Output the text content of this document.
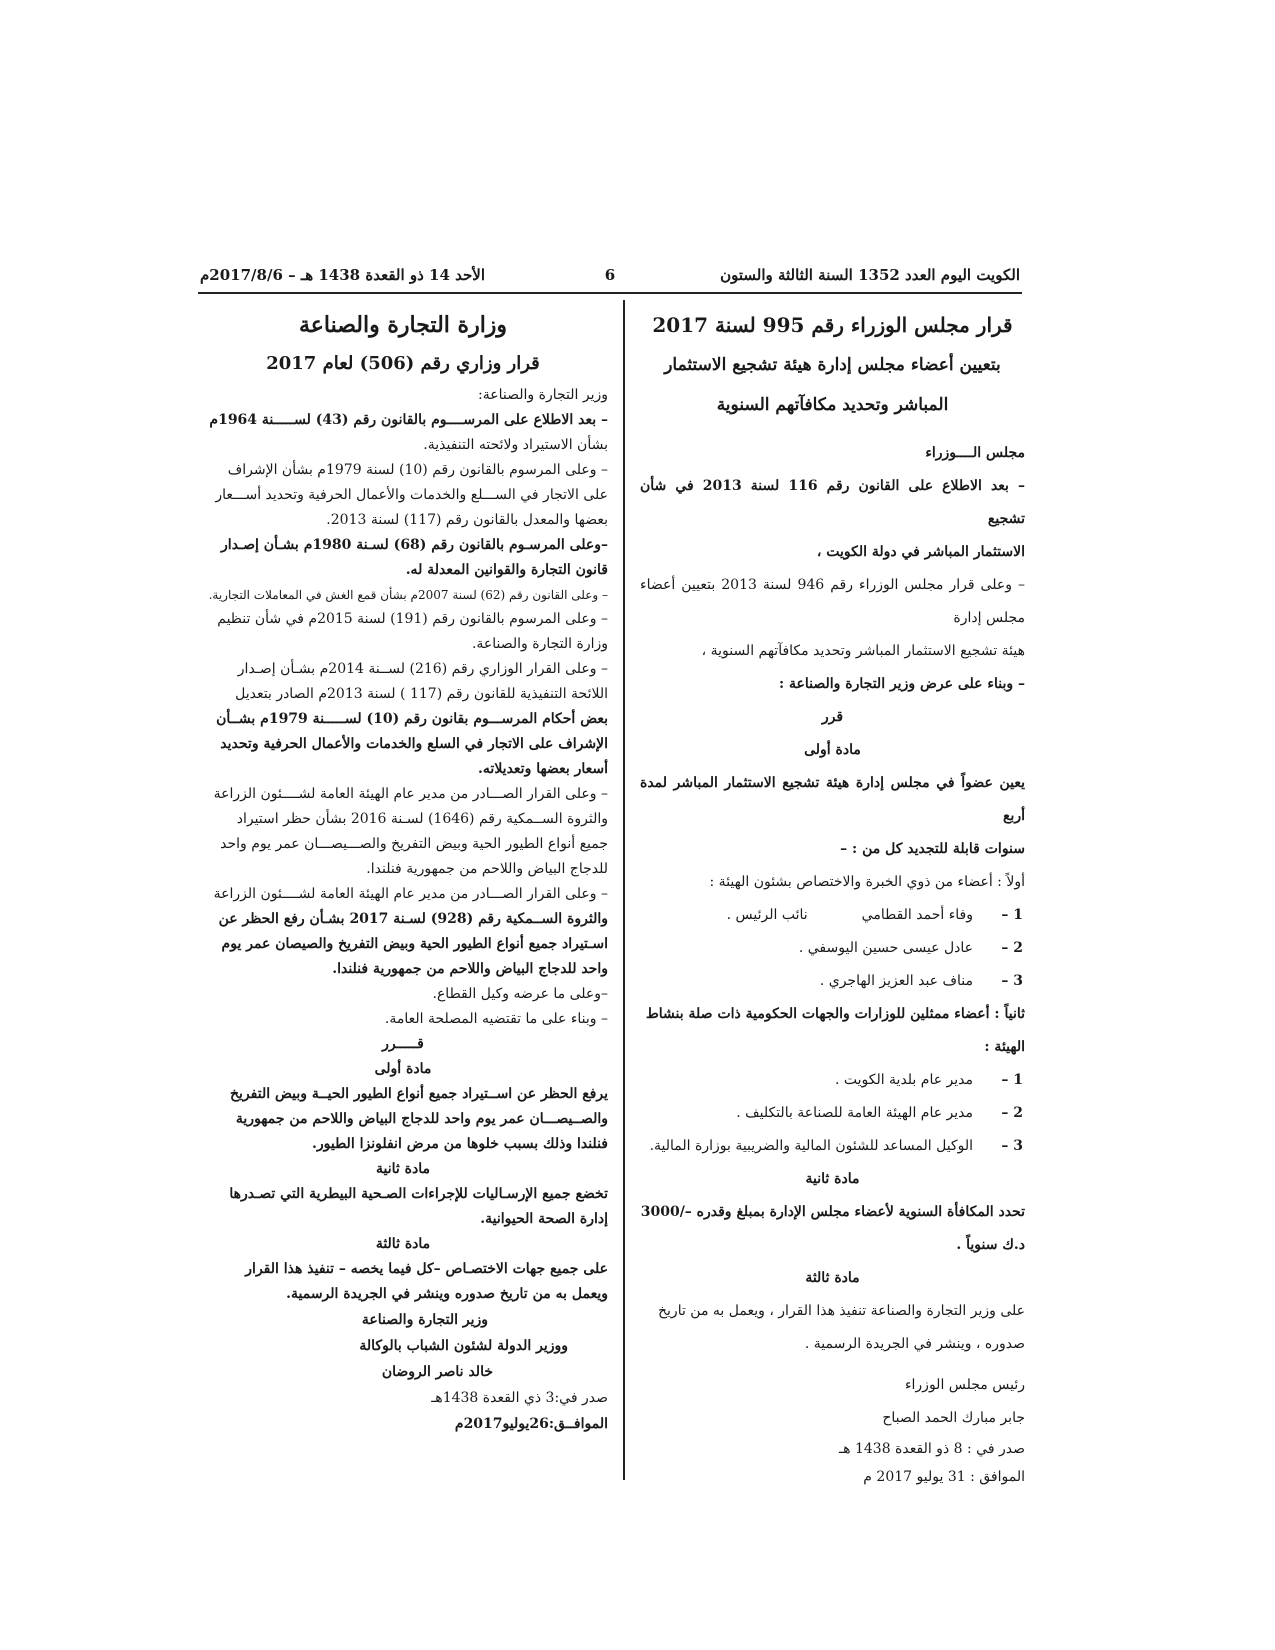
الكويت اليوم العدد 1352 السنة الثالثة والستون
6
الأحد 14 ذو القعدة 1438 هـ – 2017/8/6م
قرار مجلس الوزراء رقم 995 لسنة 2017
بتعيين أعضاء مجلس إدارة هيئة تشجيع الاستثمار
المباشر وتحديد مكافآتهم السنوية

مجلس الــــوزراء

– بعد الاطلاع على القانون رقم 116 لسنة 2013 في شأن تشجيع

الاستثمار المباشر في دولة الكويت ،

– وعلى قرار مجلس الوزراء رقم 946 لسنة 2013 بتعيين أعضاء مجلس إدارة

هيئة تشجيع الاستثمار المباشر وتحديد مكافآتهم السنوية ،

– وبناء على عرض وزير التجارة والصناعة :

قرر

مادة أولى

يعين عضواً في مجلس إدارة هيئة تشجيع الاستثمار المباشر لمدة أربع

سنوات قابلة للتجديد كل من : –

أولاً : أعضاء من ذوي الخبرة والاختصاص بشئون الهيئة :

1 –
وفاء أحمد القطامي
نائب الرئيس .

2 –
عادل عيسى حسين اليوسفي .

3 –
مناف عبد العزيز الهاجري .

ثانياً : أعضاء ممثلين للوزارات والجهات الحكومية ذات صلة بنشاط

الهيئة :

1 –
مدير عام بلدية الكويت .

2 –
مدير عام الهيئة العامة للصناعة بالتكليف .

3 –
الوكيل المساعد للشئون المالية والضريبية بوزارة المالية.

مادة ثانية

تحدد المكافأة السنوية لأعضاء مجلس الإدارة بمبلغ وقدره –/3000

د.ك سنوياً .

مادة ثالثة

على وزير التجارة والصناعة تنفيذ هذا القرار ، ويعمل به من تاريخ

صدوره ، وينشر في الجريدة الرسمية .

رئيس مجلس الوزراء

جابر مبارك الحمد الصباح

صدر في : 8 ذو القعدة 1438 هـ

الموافق : 31 يوليو 2017 م

وزارة التجارة والصناعة

قرار وزاري رقم (506) لعام 2017

وزير التجارة والصناعة:

– بعد الاطلاع على المرســــوم بالقانون رقم (43) لســـــنة 1964م

بشأن الاستيراد ولائحته التنفيذية.

– وعلى المرسوم بالقانون رقم (10) لسنة 1979م بشأن الإشراف

على الاتجار في الســـلع والخدمات والأعمال الحرفية وتحديد أســـعار

بعضها والمعدل بالقانون رقم (117) لسنة 2013.

–وعلى المرسـوم بالقانون رقم (68) لسـنة 1980م بشـأن إصـدار

قانون التجارة والقوانين المعدلة له.

– وعلى القانون رقم (62) لسنة 2007م بشأن قمع الغش في المعاملات التجارية.

– وعلى المرسوم بالقانون رقم (191) لسنة 2015م في شأن تنظيم

وزارة التجارة والصناعة.

– وعلى القرار الوزاري رقم (216) لســنة 2014م بشـأن إصـدار

اللائحة التنفيذية للقانون رقم (117 ) لسنة 2013م الصادر بتعديل

بعض أحكام المرســـوم بقانون رقم (10) لســـــنة 1979م بشــأن

الإشراف على الاتجار في السلع والخدمات والأعمال الحرفية وتحديد

أسعار بعضها وتعديلاته.

– وعلى القرار الصـــادر من مدير عام الهيئة العامة لشــــئون الزراعة

والثروة الســمكية رقم (1646) لسـنة 2016 بشأن حظر استيراد

جميع أنواع الطيور الحية وبيض التفريخ والصـــيصـــان عمر يوم واحد

للدجاج البياض واللاحم من جمهورية فنلندا.

– وعلى القرار الصـــادر من مدير عام الهيئة العامة لشــــئون الزراعة

والثروة الســمكية رقم (928) لسـنة 2017 بشـأن رفع الحظر عن

اسـتيراد جميع أنواع الطيور الحية وبيض التفريخ والصيصان عمر يوم

واحد للدجاج البياض واللاحم من جمهورية فنلندا.

–وعلى ما عرضه وكيل القطاع.

– وبناء على ما تقتضيه المصلحة العامة.

قـــــرر

مادة أولى

يرفع الحظر عن اســتيراد جميع أنواع الطيور الحيــة وبيض التفريخ

والصــيصـــان عمر يوم واحد للدجاج البياض واللاحم من جمهورية

فنلندا وذلك بسبب خلوها من مرض انفلونزا الطيور.

مادة ثانية

تخضع جميع الإرسـاليات للإجراءات الصـحية البيطرية التي تصـدرها

إدارة الصحة الحيوانية.

مادة ثالثة

على جميع جهات الاختصـاص –كل فيما يخصه – تنفيذ هذا القرار

ويعمل به من تاريخ صدوره وينشر في الجريدة الرسمية.

وزير التجارة والصناعة

ووزير الدولة لشئون الشباب بالوكالة

خالد ناصر الروضان

صدر في:3 ذي القعدة 1438هـ

الموافــق:26يوليو2017م
